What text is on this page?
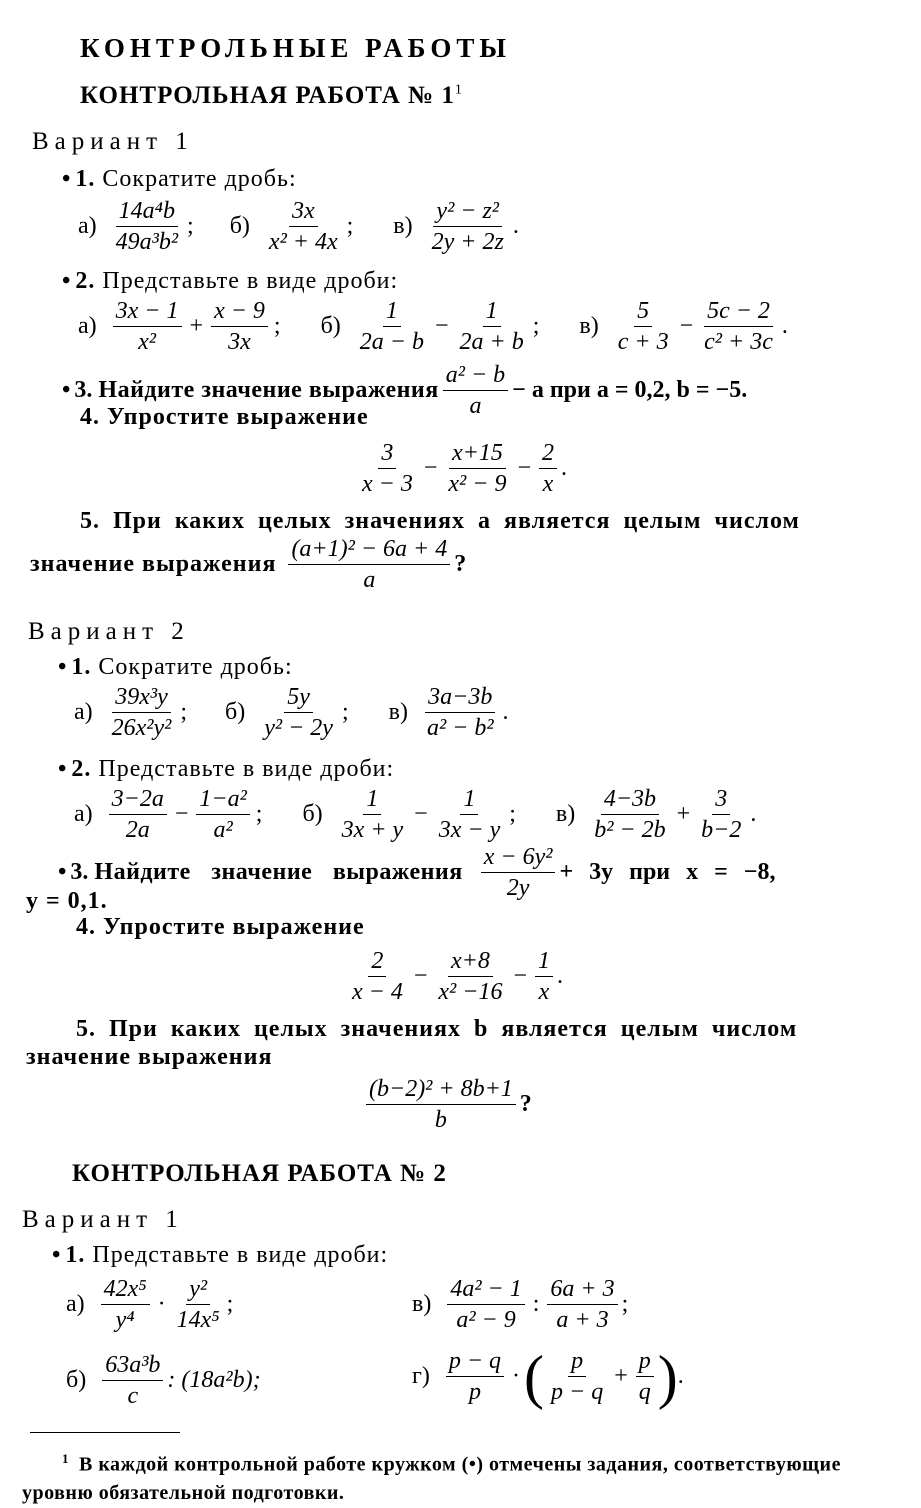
КОНТРОЛЬНЫЕ РАБОТЫ
КОНТРОЛЬНАЯ РАБОТА № $1^1$
Вариант 1
• 1. Сократите дробь:
$а) \frac{\text{14a⁴b}}{\text{49a³b²}}$ ; $б) \frac{3x}{\text{x² + 4x}}$ ; $в) \frac{\text{y² − z²}}{2y + 2z}$ .
• 2. Представьте в виде дроби:
$а) \frac{3x - 1}{\text{x²}} + \frac{x - 9}{3x}$ ; $б) \frac{1}{2a - b} - \frac{1}{2a + b}$ ; $в) \frac{5}{c + 3} - \frac{5c - 2}{\text{c² + 3c}}$ .
• 3.
Найдите значение выражения $\frac{\text{a² − b}}{a} - a$ при a = 0,2, b = −5.
4. Упростите выражение
$\frac{3}{x - 3} - \frac{x+15}{\text{x² − 9}} - \frac{2}{x}$ .
5. При каких целых значениях a является целым числом
значение выражения $\frac{\text{(a+1)² − 6a + 4}}{a}$ ?
Вариант 2
• 1. Сократите дробь:
$а) \frac{\text{39x³y}}{\text{26x²y²}}$ ; $б) \frac{5y}{\text{y² − 2y}}$ ; $в) \frac{3a-3b}{\text{a² − b²}}$ .
• 2. Представьте в виде дроби:
$а) \frac{3-2a}{2a} - \frac{\text{1−a²}}{\text{a²}}$ ; $б) \frac{1}{3x + y} - \frac{1}{3x - y}$ ; $в) \frac{4-3b}{\text{b² − 2b}} + \frac{3}{b-2}$ .
• 3.
Найдите значение выражения $\frac{\text{x − 6y²}}{2y} + 3y$ при x = −8,
y = 0,1.
4. Упростите выражение
$\frac{2}{x - 4} - \frac{x+8}{\text{x² −16}} - \frac{1}{x}$ .
5. При каких целых значениях b является целым числом
значение выражения
$\frac{\text{(b−2)² + 8b+1}}{b}$ ?
КОНТРОЛЬНАЯ РАБОТА № 2
Вариант 1
• 1. Представьте в виде дроби:
$а) \frac{\text{42x⁵}}{\text{y⁴}} \cdot \frac{\text{y²}}{\text{14x⁵}}$ ;	$в) \frac{\text{4a² − 1}}{\text{a² − 9}}$ : $\frac{6a + 3}{a + 3}$ ;
$б) \frac{\text{63a³b}}{c}$ : (18a²b);	$г) \frac{p - q}{p}$ · ( $\frac{p}{p - q} + \frac{p}{q}$ ) .
$^1$ В каждой контрольной работе кружком (•) отмечены задания, соответствующие уровню обязательной подготовки.
